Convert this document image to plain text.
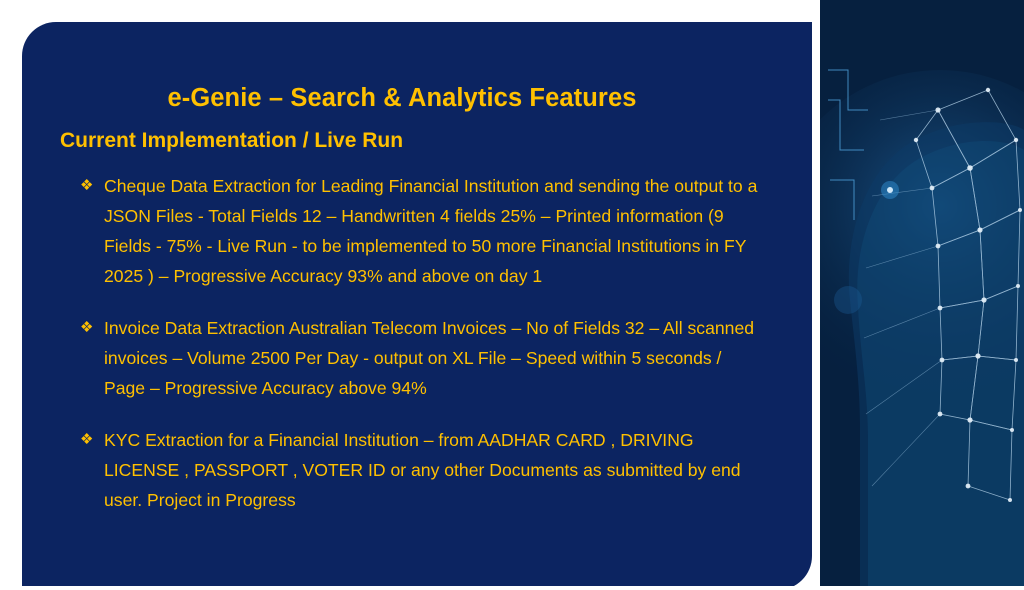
e-Genie – Search & Analytics Features
Current Implementation / Live Run
❖ Cheque Data Extraction for Leading Financial Institution and sending the output to a JSON Files - Total Fields 12 – Handwritten 4 fields 25% – Printed information (9 Fields - 75% - Live Run - to be implemented to 50 more Financial Institutions in FY 2025 ) – Progressive Accuracy 93% and above on day 1
❖ Invoice Data Extraction Australian Telecom Invoices – No of Fields 32 – All scanned invoices – Volume 2500 Per Day - output on XL File – Speed within 5 seconds / Page – Progressive Accuracy above 94%
❖ KYC Extraction for a Financial Institution – from AADHAR CARD , DRIVING LICENSE , PASSPORT , VOTER ID or any other Documents as submitted by end user. Project in Progress
